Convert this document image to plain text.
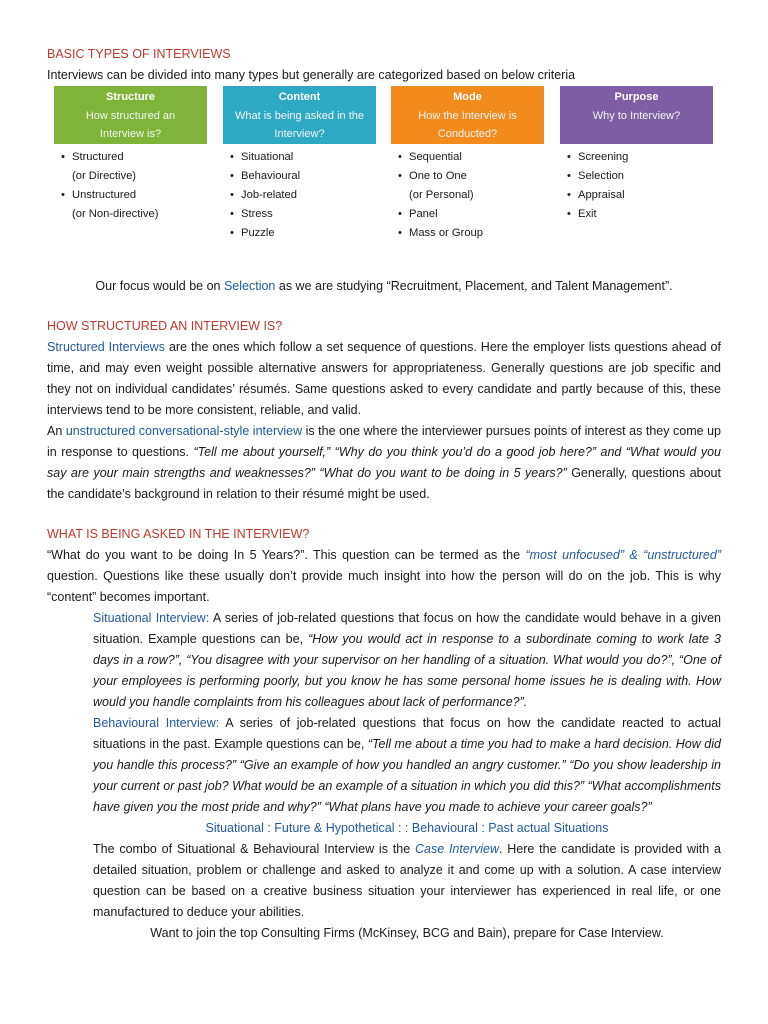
BASIC TYPES OF INTERVIEWS

Interviews can be divided into many types but generally are categorized based on below criteria

Structure
How structured an
Interview is?
• Structured
(or Directive)
• Unstructured
(or Non-directive)
Content
What is being asked in the
Interview?
• Situational
• Behavioural
• Job-related
• Stress
• Puzzle
Mode
How the Interview is
Conducted?
• Sequential
• One to One
(or Personal)
• Panel
• Mass or Group
Purpose
Why to Interview?
• Screening
• Selection
• Appraisal
• Exit

Our focus would be on Selection as we are studying “Recruitment, Placement, and Talent Management”.

HOW STRUCTURED AN INTERVIEW IS?

Structured Interviews are the ones which follow a set sequence of questions. Here the employer lists questions ahead of time, and may even weight possible alternative answers for appropriateness. Generally questions are job specific and they not on individual candidates’ résumés. Same questions asked to every candidate and partly because of this, these interviews tend to be more consistent, reliable, and valid.

An unstructured conversational-style interview is the one where the interviewer pursues points of interest as they come up in response to questions. “Tell me about yourself,” “Why do you think you’d do a good job here?” and “What would you say are your main strengths and weaknesses?” “What do you want to be doing in 5 years?” Generally, questions about the candidate’s background in relation to their résumé might be used.

WHAT IS BEING ASKED IN THE INTERVIEW?

“What do you want to be doing In 5 Years?”. This question can be termed as the “most unfocused” & “unstructured” question. Questions like these usually don’t provide much insight into how the person will do on the job. This is why “content” becomes important.

Situational Interview: A series of job-related questions that focus on how the candidate would behave in a given situation. Example questions can be, “How you would act in response to a subordinate coming to work late 3 days in a row?”, “You disagree with your supervisor on her handling of a situation. What would you do?”, “One of your employees is performing poorly, but you know he has some personal home issues he is dealing with. How would you handle complaints from his colleagues about lack of performance?”.

Behavioural Interview: A series of job-related questions that focus on how the candidate reacted to actual situations in the past. Example questions can be, “Tell me about a time you had to make a hard decision. How did you handle this process?” “Give an example of how you handled an angry customer.” “Do you show leadership in your current or past job? What would be an example of a situation in which you did this?” “What accomplishments have given you the most pride and why?” “What plans have you made to achieve your career goals?”

Situational : Future & Hypothetical : : Behavioural : Past actual Situations

The combo of Situational & Behavioural Interview is the Case Interview. Here the candidate is provided with a detailed situation, problem or challenge and asked to analyze it and come up with a solution. A case interview question can be based on a creative business situation your interviewer has experienced in real life, or one manufactured to deduce your abilities.

Want to join the top Consulting Firms (McKinsey, BCG and Bain), prepare for Case Interview.
